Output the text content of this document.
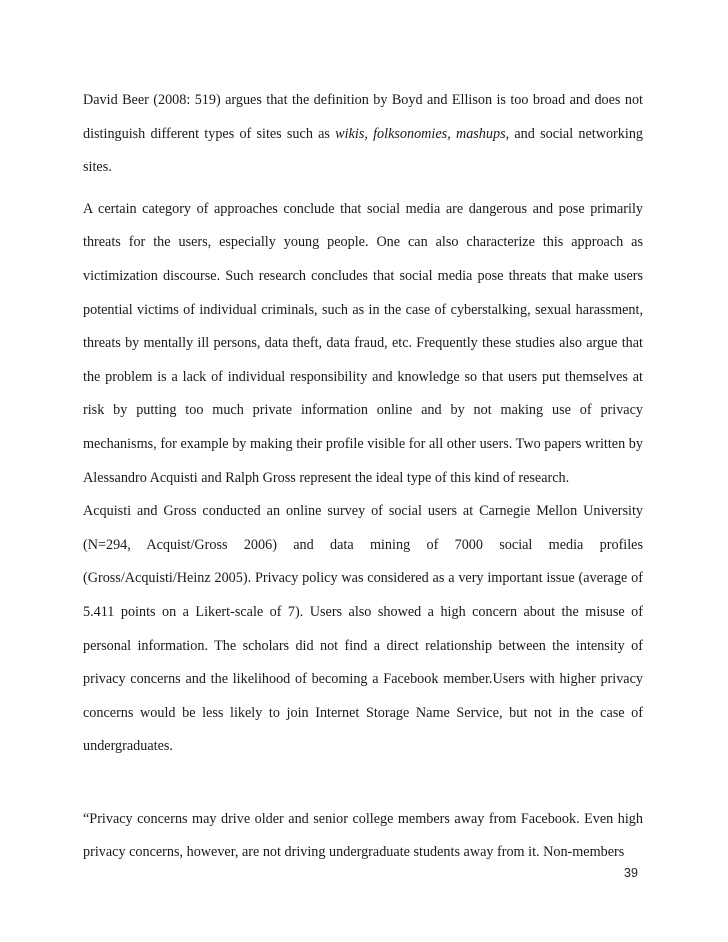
David Beer (2008: 519) argues that the definition by Boyd and Ellison is too broad and does not distinguish different types of sites such as wikis, folksonomies, mashups, and social networking sites.

A certain category of approaches conclude that social media are dangerous and pose primarily threats for the users, especially young people. One can also characterize this approach as victimization discourse. Such research concludes that social media pose threats that make users potential victims of individual criminals, such as in the case of cyberstalking, sexual harassment, threats by mentally ill persons, data theft, data fraud, etc. Frequently these studies also argue that the problem is a lack of individual responsibility and knowledge so that users put themselves at risk by putting too much private information online and by not making use of privacy mechanisms, for example by making their profile visible for all other users. Two papers written by Alessandro Acquisti and Ralph Gross represent the ideal type of this kind of research.

Acquisti and Gross conducted an online survey of social users at Carnegie Mellon University (N=294, Acquist/Gross 2006) and data mining of 7000 social media profiles (Gross/Acquisti/Heinz 2005). Privacy policy was considered as a very important issue (average of 5.411 points on a Likert-scale of 7). Users also showed a high concern about the misuse of personal information. The scholars did not find a direct relationship between the intensity of privacy concerns and the likelihood of becoming a Facebook member.Users with higher privacy concerns would be less likely to join Internet Storage Name Service, but not in the case of undergraduates.

“Privacy concerns may drive older and senior college members away from Facebook. Even high privacy concerns, however, are not driving undergraduate students away from it. Non-members

39
